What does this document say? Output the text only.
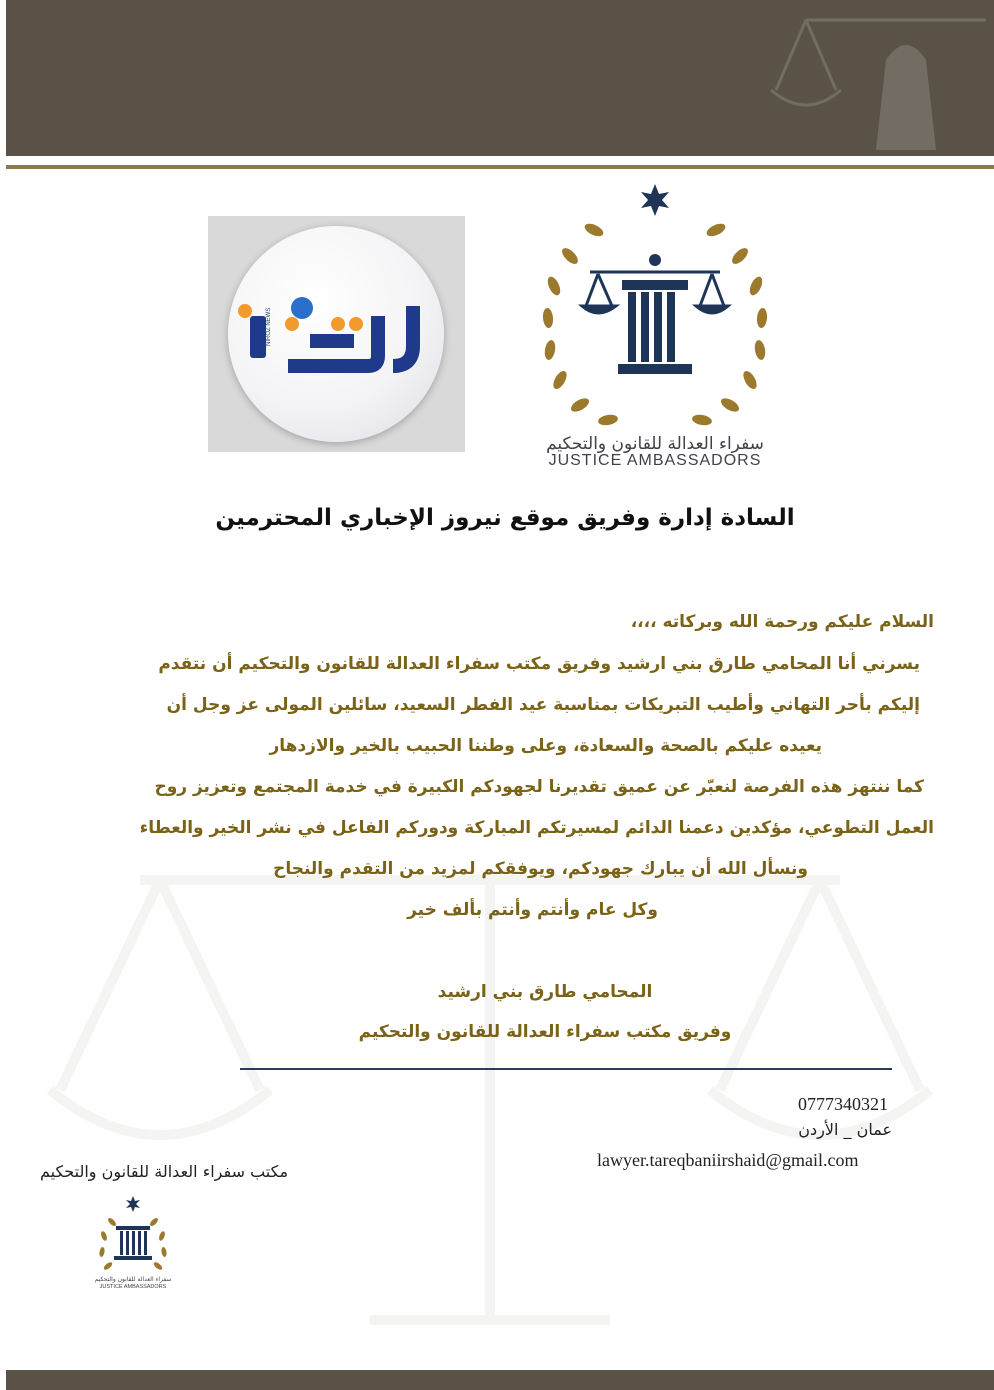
NIROZ NEWS
سفراء العدالة للقانون والتحكيم
JUSTICE AMBASSADORS
السادة إدارة وفريق موقع نيروز الإخباري المحترمين
السلام عليكم ورحمة الله وبركاته ،،،،
يسرني أنا المحامي طارق بني ارشيد وفريق مكتب سفراء العدالة للقانون والتحكيم أن نتقدم
إليكم بأحر التهاني وأطيب التبريكات بمناسبة عيد الفطر السعيد، سائلين المولى عز وجل أن
يعيده عليكم بالصحة والسعادة، وعلى وطننا الحبيب بالخير والازدهار
كما ننتهز هذه الفرصة لنعبّر عن عميق تقديرنا لجهودكم الكبيرة في خدمة المجتمع وتعزيز روح
العمل التطوعي، مؤكدين دعمنا الدائم لمسيرتكم المباركة ودوركم الفاعل في نشر الخير والعطاء
ونسأل الله أن يبارك جهودكم، ويوفقكم لمزيد من التقدم والنجاح
وكل عام وأنتم وأنتم بألف خير
المحامي طارق بني ارشيد
وفريق مكتب سفراء العدالة للقانون والتحكيم
0777340321
عمان _ الأردن
lawyer.tareqbaniirshaid@gmail.com
مكتب سفراء العدالة للقانون والتحكيم
سفراء العدالة للقانون والتحكيم
JUSTICE AMBASSADORS
